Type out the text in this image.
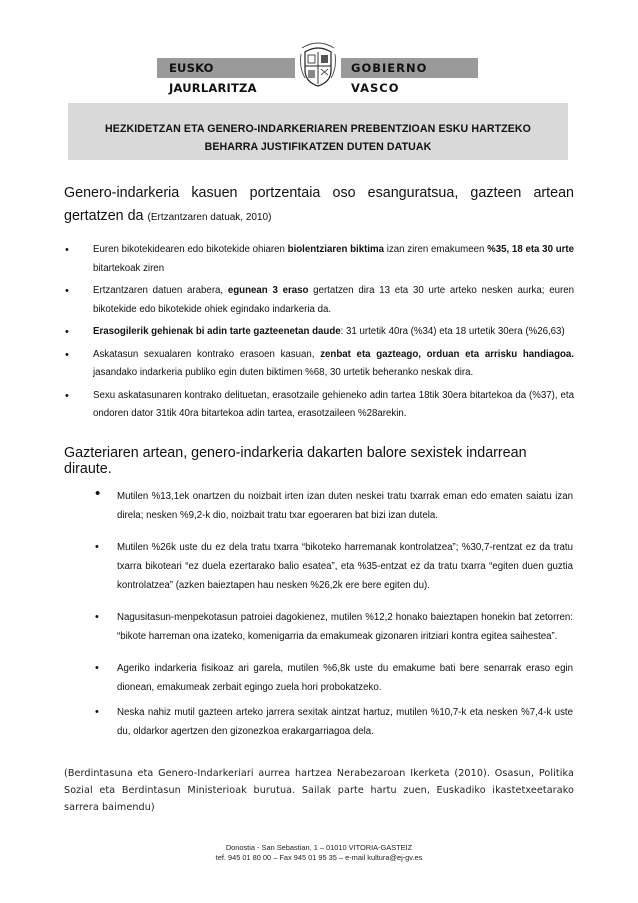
EUSKO JAURLARITZA
GOBIERNO VASCO
HEZKIDETZAN ETA GENERO-INDARKERIAREN PREBENTZIOAN ESKU HARTZEKO
BEHARRA JUSTIFIKATZEN DUTEN DATUAK
Genero-indarkeria kasuen portzentaia oso esanguratsua, gazteen artean gertatzen da (Ertzantzaren datuak, 2010)
• Euren bikotekidearen edo bikotekide ohiaren biolentziaren biktima izan ziren emakumeen %35, 18 eta 30 urte bitartekoak ziren
• Ertzantzaren datuen arabera, egunean 3 eraso gertatzen dira 13 eta 30 urte arteko nesken aurka; euren bikotekide edo bikotekide ohiek egindako indarkeria da.
• Erasogilerik gehienak bi adin tarte gazteenetan daude: 31 urtetik 40ra (%34) eta 18 urtetik 30era (%26,63)
• Askatasun sexualaren kontrako erasoen kasuan, zenbat eta gazteago, orduan eta arrisku handiagoa. jasandako indarkeria publiko egin duten biktimen %68, 30 urtetik beheranko neskak dira.
• Sexu askatasunaren kontrako delituetan, erasotzaile gehieneko adin tartea 18tik 30era bitartekoa da (%37), eta ondoren dator 31tik 40ra bitartekoa adin tartea, erasotzaileen %28arekin.
Gazteriaren artean, genero-indarkeria dakarten balore sexistek indarrean diraute.
• Mutilen %13,1ek onartzen du noizbait irten izan duten neskei tratu txarrak eman edo ematen saiatu izan direla; nesken %9,2-k dio, noizbait tratu txar egoeraren bat bizi izan dutela.
• Mutilen %26k uste du ez dela tratu txarra “bikoteko harremanak kontrolatzea”; %30,7-rentzat ez da tratu txarra bikoteari “ez duela ezertarako balio esatea”, eta %35-entzat ez da tratu txarra “egiten duen guztia kontrolatzea” (azken baieztapen hau nesken %26,2k ere bere egiten du).
• Nagusitasun-menpekotasun patroiei dagokienez, mutilen %12,2 honako baieztapen honekin bat zetorren: “bikote harreman ona izateko, komenigarria da emakumeak gizonaren iritziari kontra egitea saihestea”.
• Ageriko indarkeria fisikoaz ari garela, mutilen %6,8k uste du emakume bati bere senarrak eraso egin dionean, emakumeak zerbait egingo zuela hori probokatzeko.
• Neska nahiz mutil gazteen arteko jarrera sexitak aintzat hartuz, mutilen %10,7-k eta nesken %7,4-k uste du, oldarkor agertzen den gizonezkoa erakargarriagoa dela.
(Berdintasuna eta Genero-Indarkeriari aurrea hartzea Nerabezaroan Ikerketa (2010). Osasun, Politika Sozial eta Berdintasun Ministerioak burutua. Sailak parte hartu zuen, Euskadiko ikastetxeetarako sarrera baimendu)
Donostia - San Sebastian, 1 – 01010 VITORIA-GASTEIZ
tef. 945 01 80 00 – Fax 945 01 95 35 – e-mail kultura@ej-gv.es
